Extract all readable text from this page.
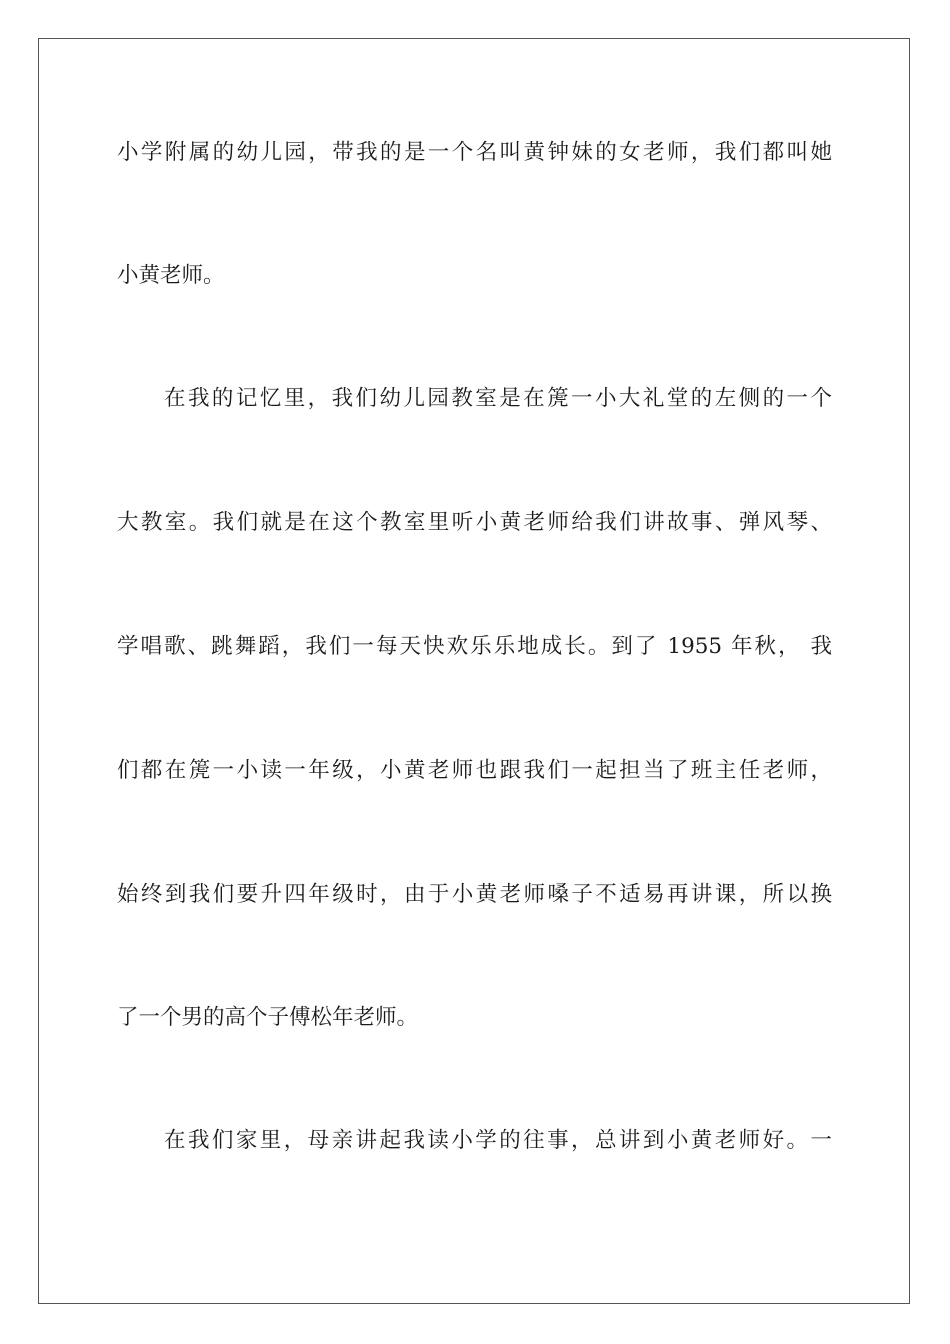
小学附属的幼儿园，带我的是一个名叫黄钟妹的女老师，我们都叫她
小黄老师。
在我的记忆里，我们幼儿园教室是在箎一小大礼堂的左侧的一个
大教室。我们就是在这个教室里听小黄老师给我们讲故事、弹风琴、
学唱歌、跳舞蹈，我们一每天快欢乐乐地成长。到了 1955 年秋， 我
们都在箎一小读一年级，小黄老师也跟我们一起担当了班主任老师，
始终到我们要升四年级时，由于小黄老师嗓子不适易再讲课，所以换
了一个男的高个子傅松年老师。
在我们家里，母亲讲起我读小学的往事，总讲到小黄老师好。一
